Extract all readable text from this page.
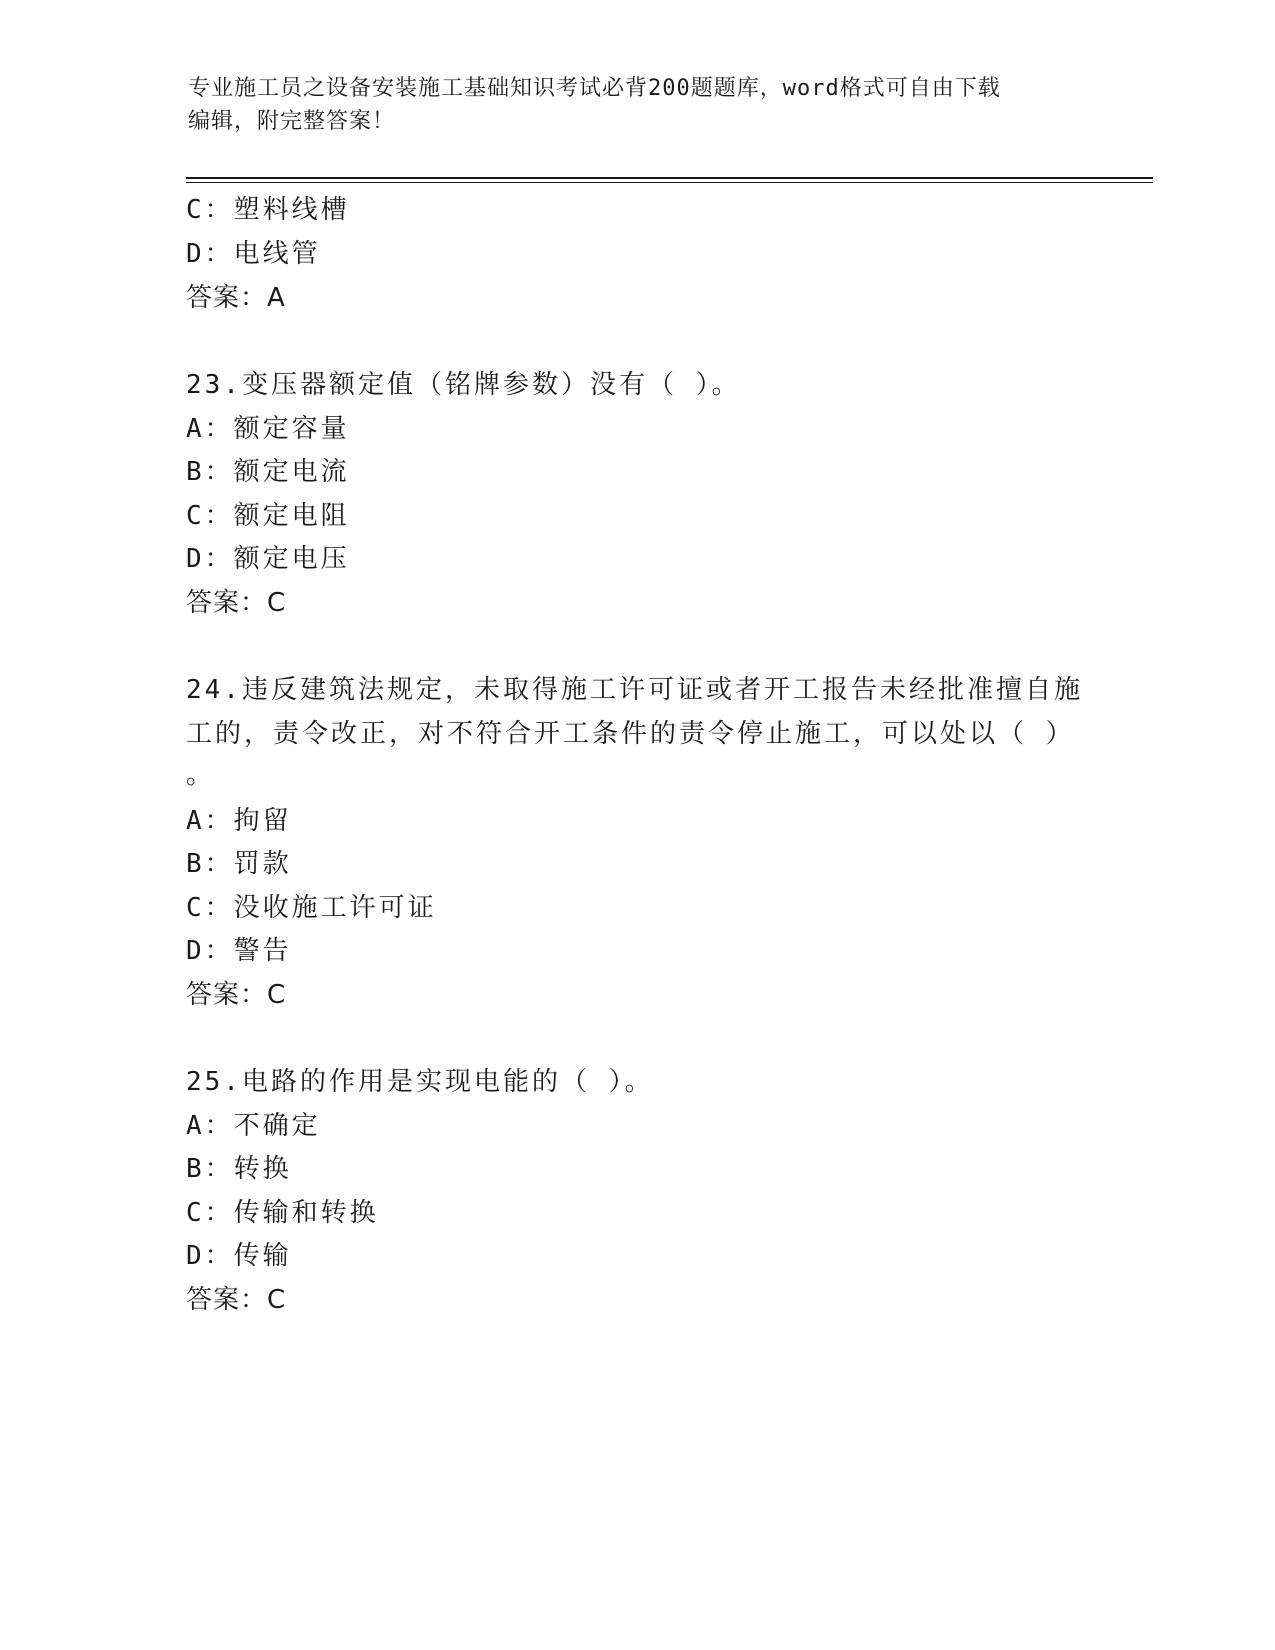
专业施工员之设备安装施工基础知识考试必背200题题库，word格式可自由下载
编辑，附完整答案！
C：塑料线槽
D：电线管
答案：A
23.变压器额定值（铭牌参数）没有（ ）。
A：额定容量
B：额定电流
C：额定电阻
D：额定电压
答案：C
24.违反建筑法规定，未取得施工许可证或者开工报告未经批准擅自施
工的，责令改正，对不符合开工条件的责令停止施工，可以处以（ ）
。
A：拘留
B：罚款
C：没收施工许可证
D：警告
答案：C
25.电路的作用是实现电能的（ ）。
A：不确定
B：转换
C：传输和转换
D：传输
答案：C
